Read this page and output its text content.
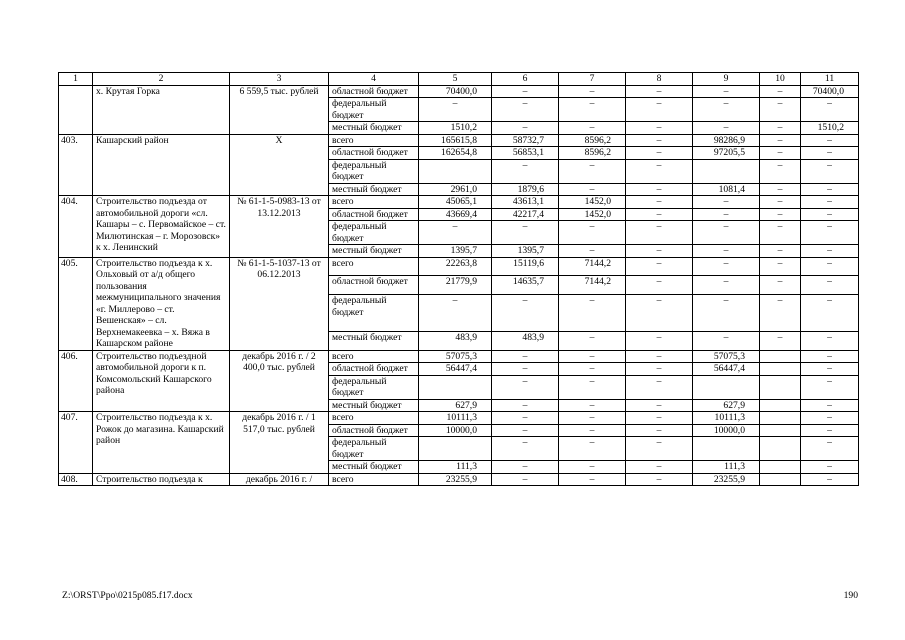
1	2	3	4	5	6	7	8	9	10	11
	х. Крутая Горка	6 559,5 тыс. рублей	областной бюджет	70400,0	–	–	–	–	–	70400,0
			федеральный бюджет	–	–	–	–	–	–	–
			местный бюджет	1510,2	–	–	–	–	–	1510,2
403.	Кашарский район	Х	всего	165615,8	58732,7	8596,2	–	98286,9	–	–
			областной бюджет	162654,8	56853,1	8596,2	–	97205,5	–	–
			федеральный бюджет		–	–	–		–	–
			местный бюджет	2961,0	1879,6	–	–	1081,4	–	–
404.	Строительство подъезда от автомобильной дороги «сл. Кашары – с. Первомайское – ст. Милютинская – г. Морозовск» к х. Ленинский	№ 61-1-5-0983-13 от 13.12.2013	всего	45065,1	43613,1	1452,0	–	–	–	–
			областной бюджет	43669,4	42217,4	1452,0	–	–	–	–
			федеральный бюджет	–	–	–	–	–	–	–
			местный бюджет	1395,7	1395,7	–	–	–	–	–
405.	Строительство подъезда к х. Ольховый от а/д общего пользования межмуниципального значения «г. Миллерово – ст. Вешенская» – сл. Верхнемакеевка – х. Вяжа в Кашарском районе	№ 61-1-5-1037-13 от 06.12.2013	всего	22263,8	15119,6	7144,2	–	–	–	–
			областной бюджет	21779,9	14635,7	7144,2	–	–	–	–
			федеральный бюджет	–	–	–	–	–	–	–
			местный бюджет	483,9	483,9	–	–	–	–	–
406.	Строительство подъездной автомобильной дороги к п. Комсомольский Кашарского района	декабрь 2016 г. / 2 400,0 тыс. рублей	всего	57075,3	–	–	–	57075,3		–
			областной бюджет	56447,4	–	–	–	56447,4		–
			федеральный бюджет		–	–	–			–
			местный бюджет	627,9	–	–	–	627,9		–
407.	Строительство подъезда к х. Рожок до магазина. Кашарский район	декабрь 2016 г. / 1 517,0 тыс. рублей	всего	10111,3	–	–	–	10111,3		–
			областной бюджет	10000,0	–	–	–	10000,0		–
			федеральный бюджет		–	–	–			–
			местный бюджет	111,3	–	–	–	111,3		–
408.	Строительство подъезда к	декабрь 2016 г. /	всего	23255,9	–	–	–	23255,9		–
Z:\ORST\Ppo\0215p085.f17.docx	190
